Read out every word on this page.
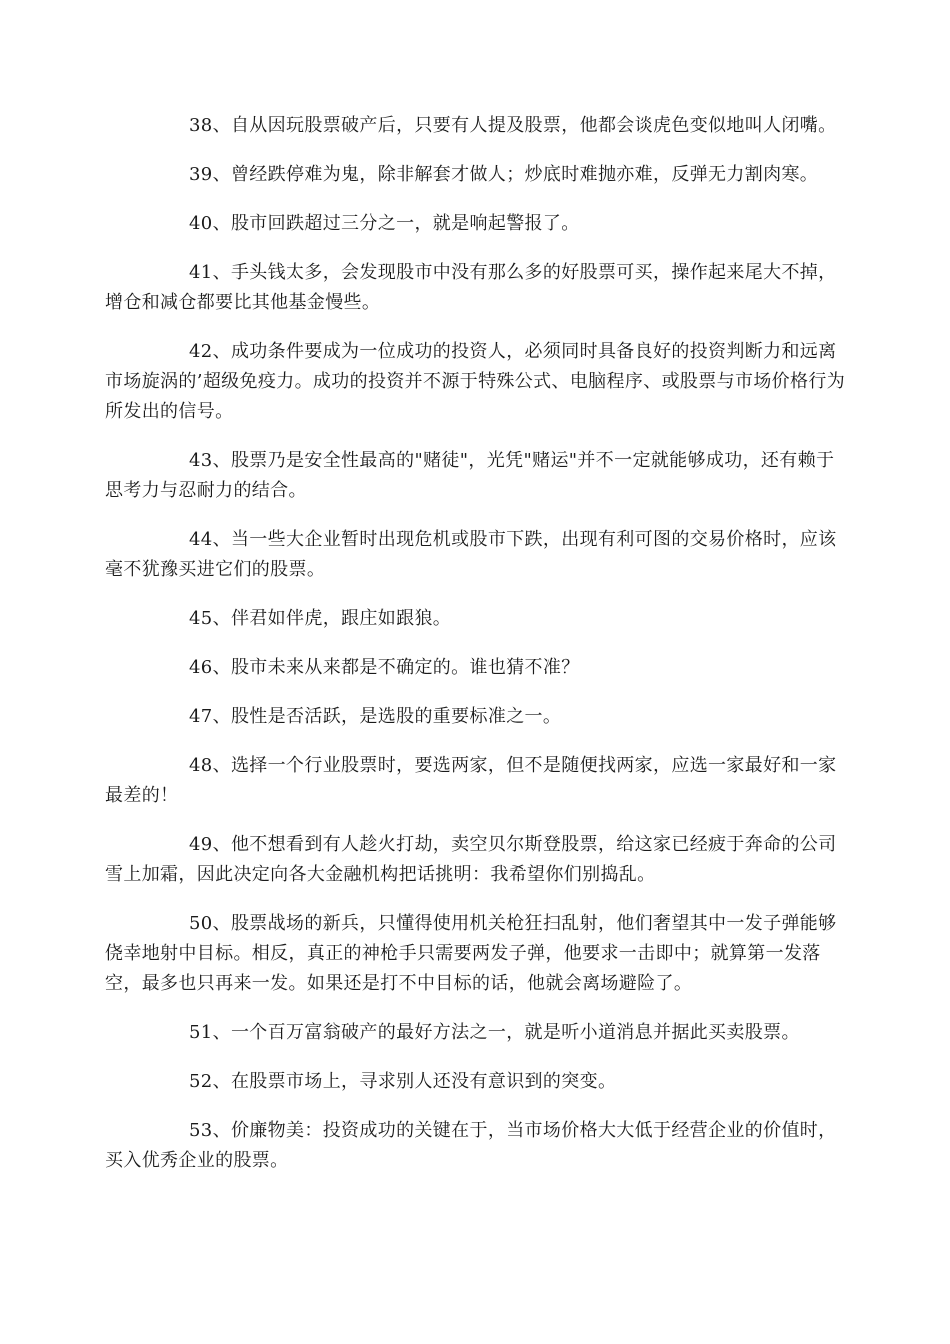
38、自从因玩股票破产后，只要有人提及股票，他都会谈虎色变似地叫人闭嘴。

39、曾经跌停难为鬼，除非解套才做人；炒底时难抛亦难，反弹无力割肉寒。

40、股市回跌超过三分之一，就是响起警报了。

41、手头钱太多，会发现股市中没有那么多的好股票可买，操作起来尾大不掉，增仓和减仓都要比其他基金慢些。

42、成功条件要成为一位成功的投资人，必须同时具备良好的投资判断力和远离市场旋涡的’超级免疫力。成功的投资并不源于特殊公式、电脑程序、或股票与市场价格行为所发出的信号。

43、股票乃是安全性最高的"赌徒"，光凭"赌运"并不一定就能够成功，还有赖于思考力与忍耐力的结合。

44、当一些大企业暂时出现危机或股市下跌，出现有利可图的交易价格时，应该毫不犹豫买进它们的股票。

45、伴君如伴虎，跟庄如跟狼。

46、股市未来从来都是不确定的。谁也猜不准？

47、股性是否活跃，是选股的重要标准之一。

48、选择一个行业股票时，要选两家，但不是随便找两家，应选一家最好和一家最差的！

49、他不想看到有人趁火打劫，卖空贝尔斯登股票，给这家已经疲于奔命的公司雪上加霜，因此决定向各大金融机构把话挑明：我希望你们别捣乱。

50、股票战场的新兵，只懂得使用机关枪狂扫乱射，他们奢望其中一发子弹能够侥幸地射中目标。相反，真正的神枪手只需要两发子弹，他要求一击即中；就算第一发落空，最多也只再来一发。如果还是打不中目标的话，他就会离场避险了。

51、一个百万富翁破产的最好方法之一，就是听小道消息并据此买卖股票。

52、在股票市场上，寻求别人还没有意识到的突变。

53、价廉物美：投资成功的关键在于，当市场价格大大低于经营企业的价值时，买入优秀企业的股票。
